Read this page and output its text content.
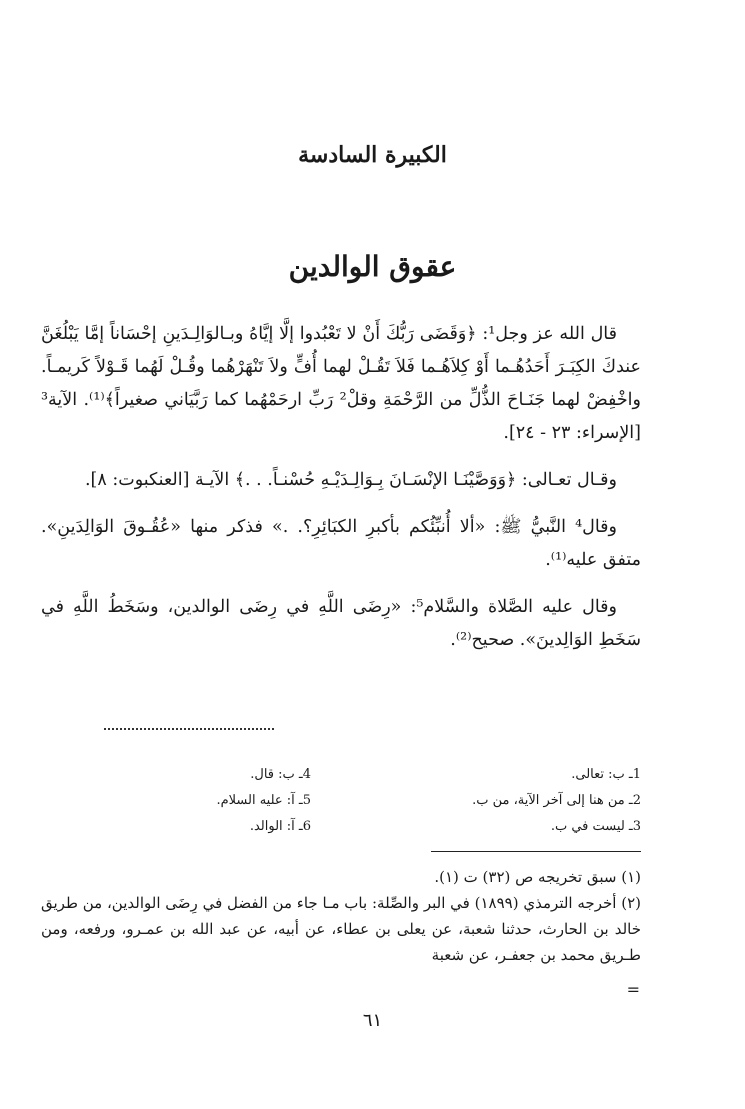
الكبيرة السادسة
عقوق الوالدين

قال الله عز وجل¹: ﴿وَقَضَى رَبُّكَ أَنْ لا تَعْبُدوا إلَّا إيَّاهُ وبـالوَالِـدَينِ إحْسَاناً إمَّا يَبْلُغَنَّ عندكَ الكِبَـرَ أَحَدُهُـما أَوْ كِلاَهُـما فَلاَ تَقُـلْ لهما أُفٍّ ولاَ تَنْهَرْهُما وقُـلْ لَهُما قَـوْلاً كَريمـاً. واخْفِضْ لهما جَنَـاحَ الذُّلِّ من الرَّحْمَةِ وقلْ² رَبِّ ارحَمْهُما كما رَبَّيَاني صغيراً﴾⁽¹⁾. الآية³ [الإسراء: ٢٣ - ٢٤].

وقـال تعـالى: ﴿وَوَصَّيْنَـا الإنْسَـانَ بِـوَالِـدَيْـهِ حُسْنـاً. . .﴾ الآيـة [العنكبوت: ٨].

وقال⁴ النَّبيُّ ﷺ: «ألا أُنبِّئُكم بأكبرِ الكبَائِرِ؟. .» فذكر منها «عُقُـوقَ الوَالِدَينِ». متفق عليه⁽¹⁾.

وقال عليه الصَّلاة والسَّلام⁵: «رِضَى اللَّهِ في رِضَى الوالدين، وسَخَطُ اللَّهِ في سَخَطِ الوَالِدينَ». صحيح⁽²⁾.

1ـ ب: تعالى.
2ـ من هنا إلى آخر الآية، من ب.
3ـ ليست في ب.
4ـ ب: قال.
5ـ آ: عليه السلام.
6ـ آ: الوالد.

(١) سبق تخريجه ص (٣٢) ت (١).

(٢) أخرجه الترمذي (١٨٩٩) في البر والصِّلة: باب مـا جاء من الفضل في رِضَى الوالدين، من طريق خالد بن الحارث، حدثنا شعبة، عن يعلى بن عطاء، عن أبيه، عن عبد الله بن عمـرو، ورفعه، ومن طـريق محمد بن جعفـر، عن شعبة

=
٦١
